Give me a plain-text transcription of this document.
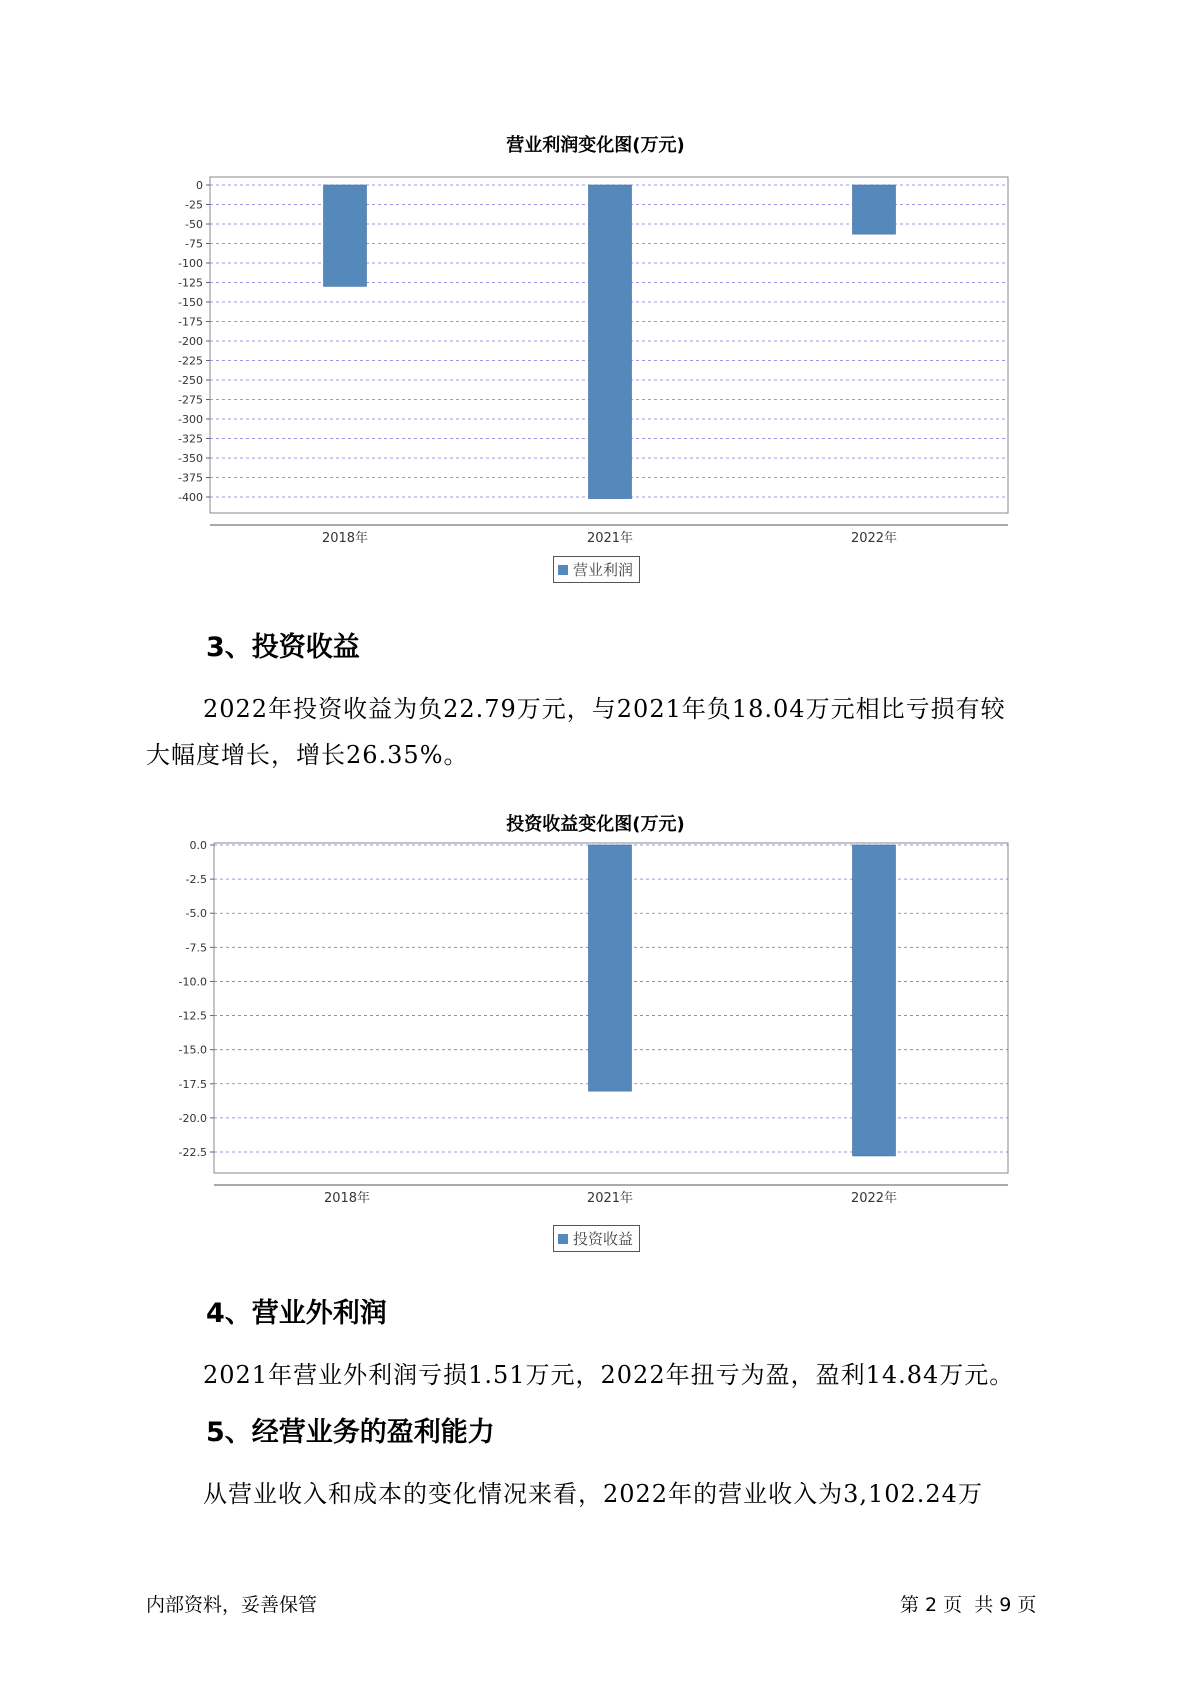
营业利润变化图(万元)
0
-25
-50
-75
-100
-125
-150
-175
-200
-225
-250
-275
-300
-325
-350
-375
-400
2018年	2021年	2022年
营业利润
3、投资收益
2022年投资收益为负22.79万元，与2021年负18.04万元相比亏损有较
大幅度增长，增长26.35%。
投资收益变化图(万元)
0.0
-2.5
-5.0
-7.5
-10.0
-12.5
-15.0
-17.5
-20.0
-22.5
2018年	2021年	2022年
投资收益
4、营业外利润
2021年营业外利润亏损1.51万元，2022年扭亏为盈，盈利14.84万元。
5、经营业务的盈利能力
从营业收入和成本的变化情况来看，2022年的营业收入为3,102.24万
内部资料，妥善保管	第 2 页  共 9 页
